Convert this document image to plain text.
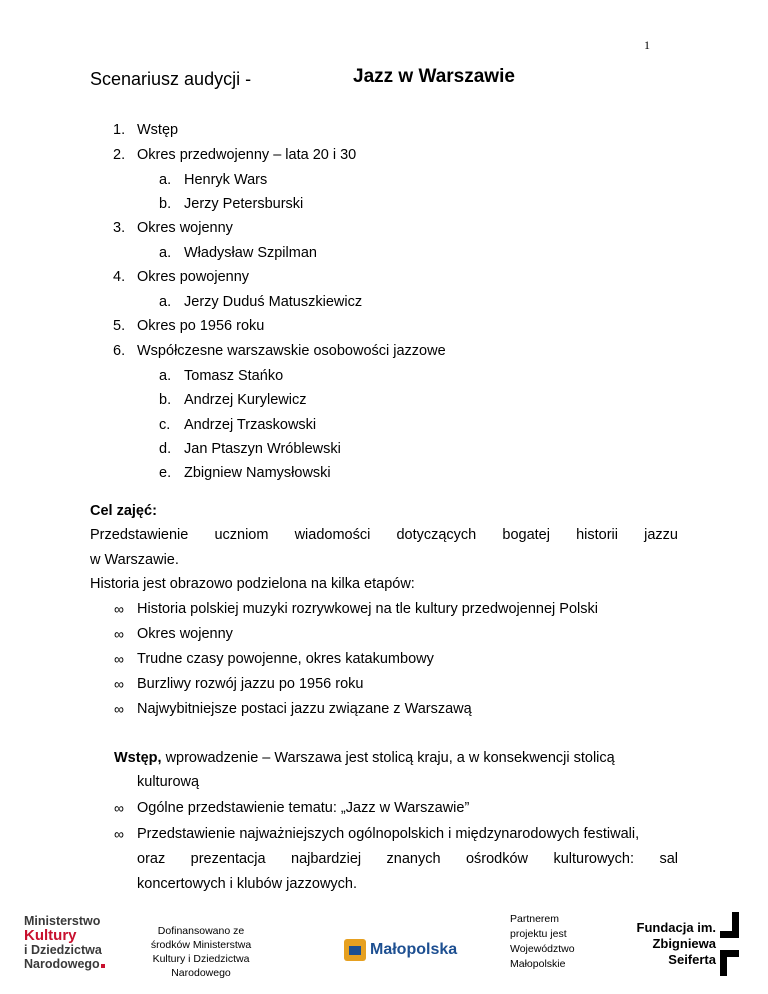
1
Scenariusz audycji -	Jazz w Warszawie
1. Wstęp
2. Okres przedwojenny – lata 20 i 30
a. Henryk Wars
b. Jerzy Petersburski
3. Okres wojenny
a. Władysław Szpilman
4. Okres powojenny
a. Jerzy Duduś Matuszkiewicz
5. Okres po 1956 roku
6. Współczesne warszawskie osobowości jazzowe
a. Tomasz Stańko
b. Andrzej Kurylewicz
c. Andrzej Trzaskowski
d. Jan Ptaszyn Wróblewski
e. Zbigniew Namysłowski
Cel zajęć:
Przedstawienie uczniom wiadomości dotyczących bogatej historii jazzu
w Warszawie.
Historia jest obrazowo podzielona na kilka etapów:
∞ Historia polskiej muzyki rozrywkowej na tle kultury przedwojennej Polski
∞ Okres wojenny
∞ Trudne czasy powojenne, okres katakumbowy
∞ Burzliwy rozwój jazzu po 1956 roku
∞ Najwybitniejsze postaci jazzu związane z Warszawą
Wstęp, wprowadzenie – Warszawa jest stolicą kraju, a w konsekwencji stolicą
kulturową
∞ Ogólne przedstawienie tematu: „Jazz w Warszawie”
∞ Przedstawienie najważniejszych ogólnopolskich i międzynarodowych festiwali,
oraz prezentacja najbardziej znanych ośrodków kulturowych: sal
koncertowych i klubów jazzowych.
Ministerstwo
Kultury
i Dziedzictwa
Narodowego
Dofinansowano ze
środków Ministerstwa
Kultury i Dziedzictwa
Narodowego
Małopolska
Partnerem
projektu jest
Województwo
Małopolskie
Fundacja im.
Zbigniewa
Seiferta
